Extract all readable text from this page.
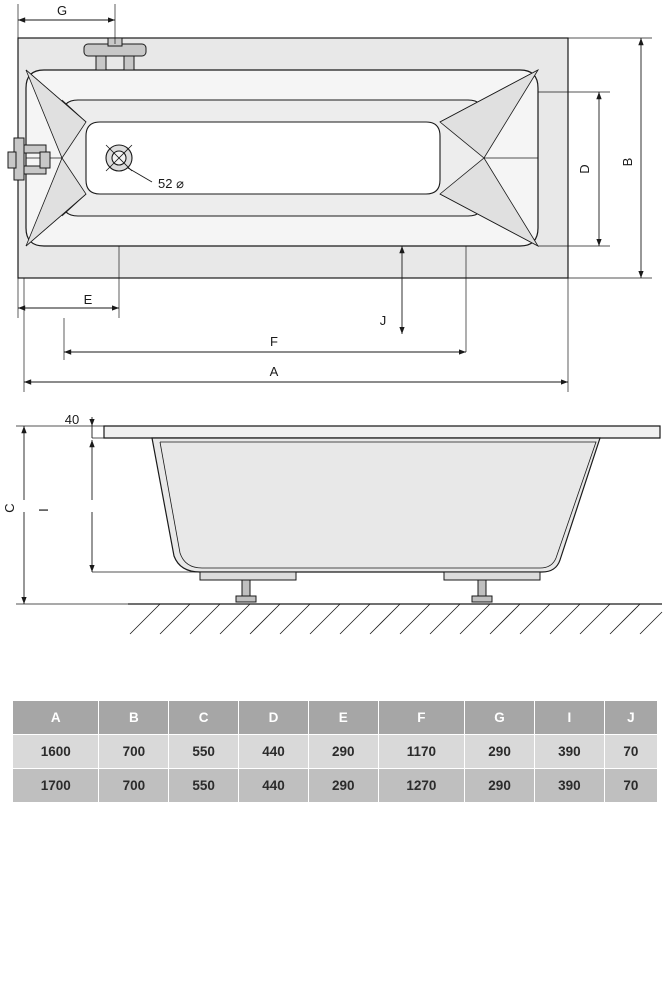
52 ⌀
G
B
D
E
J
F
A
40
I
C
A	B	C	D	E	F	G	I	J
1600	700	550	440	290	1170	290	390	70
1700	700	550	440	290	1270	290	390	70
